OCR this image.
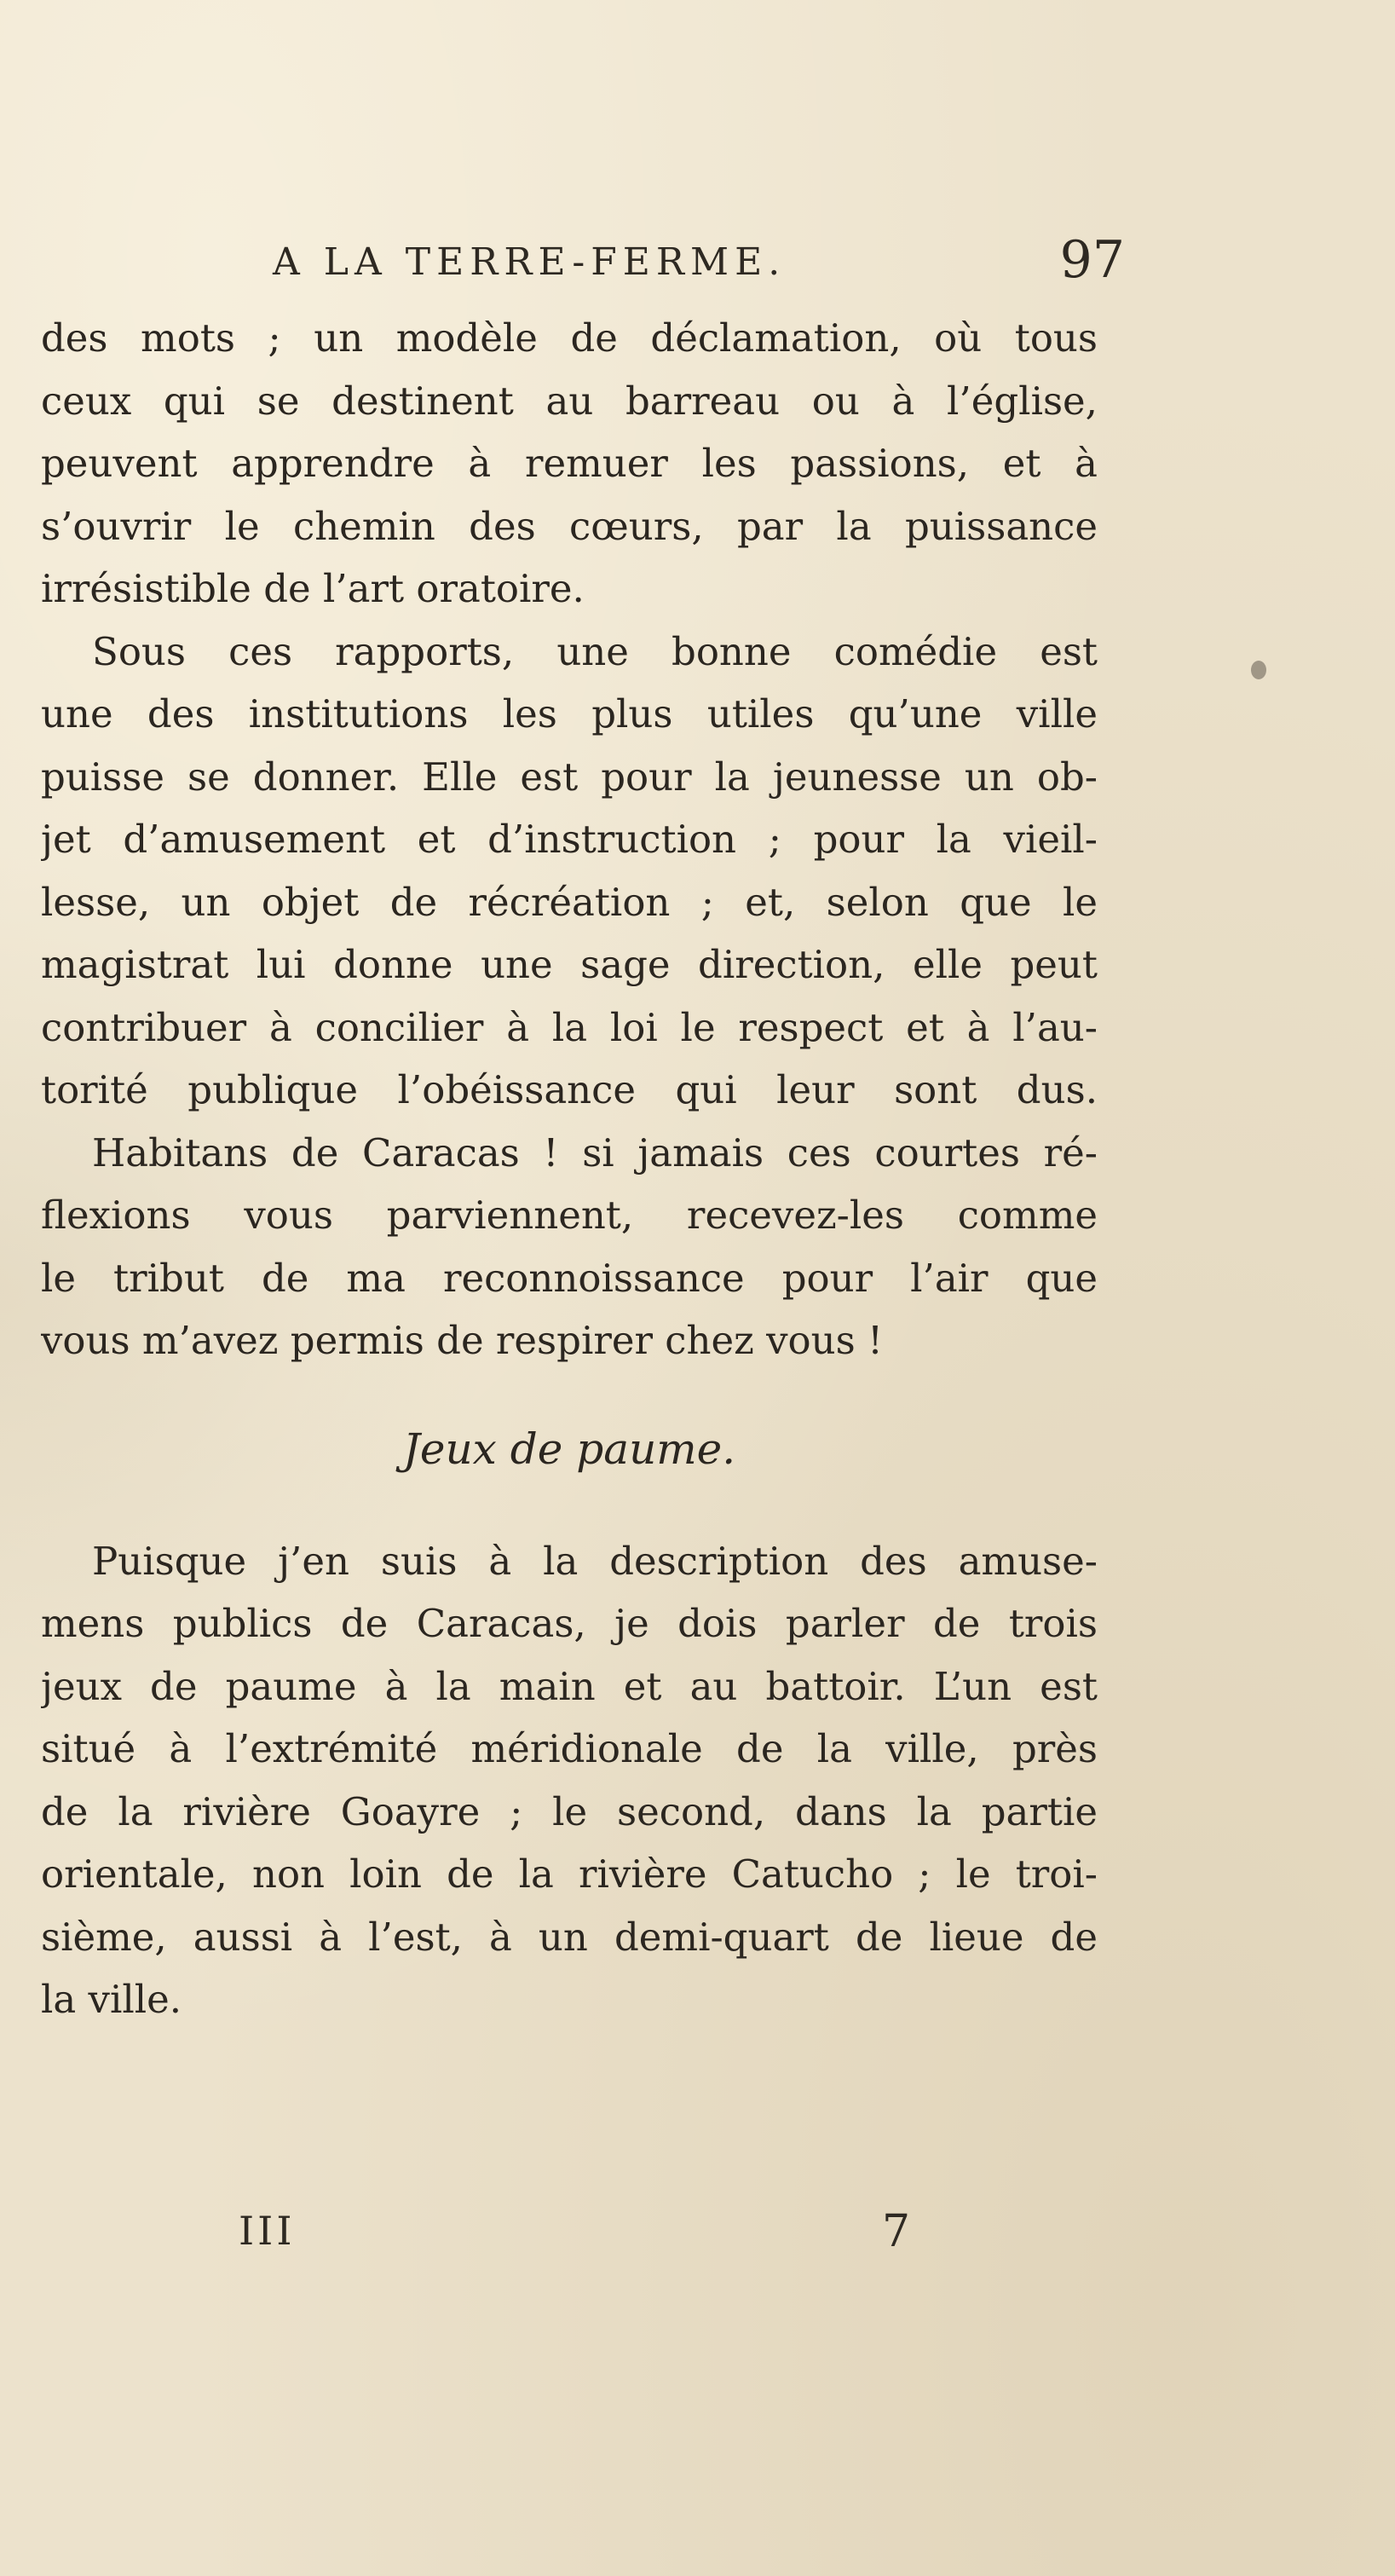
A LA TERRE-FERME.	97
des mots ; un modèle de déclamation, où tous
ceux qui se destinent au barreau ou à l’église,
peuvent apprendre à remuer les passions, et à
s’ouvrir le chemin des cœurs, par la puissance
irrésistible de l’art oratoire.
Sous ces rapports, une bonne comédie est
une des institutions les plus utiles qu’une ville
puisse se donner. Elle est pour la jeunesse un ob-
jet d’amusement et d’instruction ; pour la vieil-
lesse, un objet de récréation ; et, selon que le
magistrat lui donne une sage direction, elle peut
contribuer à concilier à la loi le respect et à l’au-
torité publique l’obéissance qui leur sont dus.
Habitans de Caracas ! si jamais ces courtes ré-
flexions vous parviennent, recevez-les comme
le tribut de ma reconnoissance pour l’air que
vous m’avez permis de respirer chez vous !
Jeux de paume.
Puisque j’en suis à la description des amuse-
mens publics de Caracas, je dois parler de trois
jeux de paume à la main et au battoir. L’un est
situé à l’extrémité méridionale de la ville, près
de la rivière Goayre ; le second, dans la partie
orientale, non loin de la rivière Catucho ; le troi-
sième, aussi à l’est, à un demi-quart de lieue de
la ville.
III	7
